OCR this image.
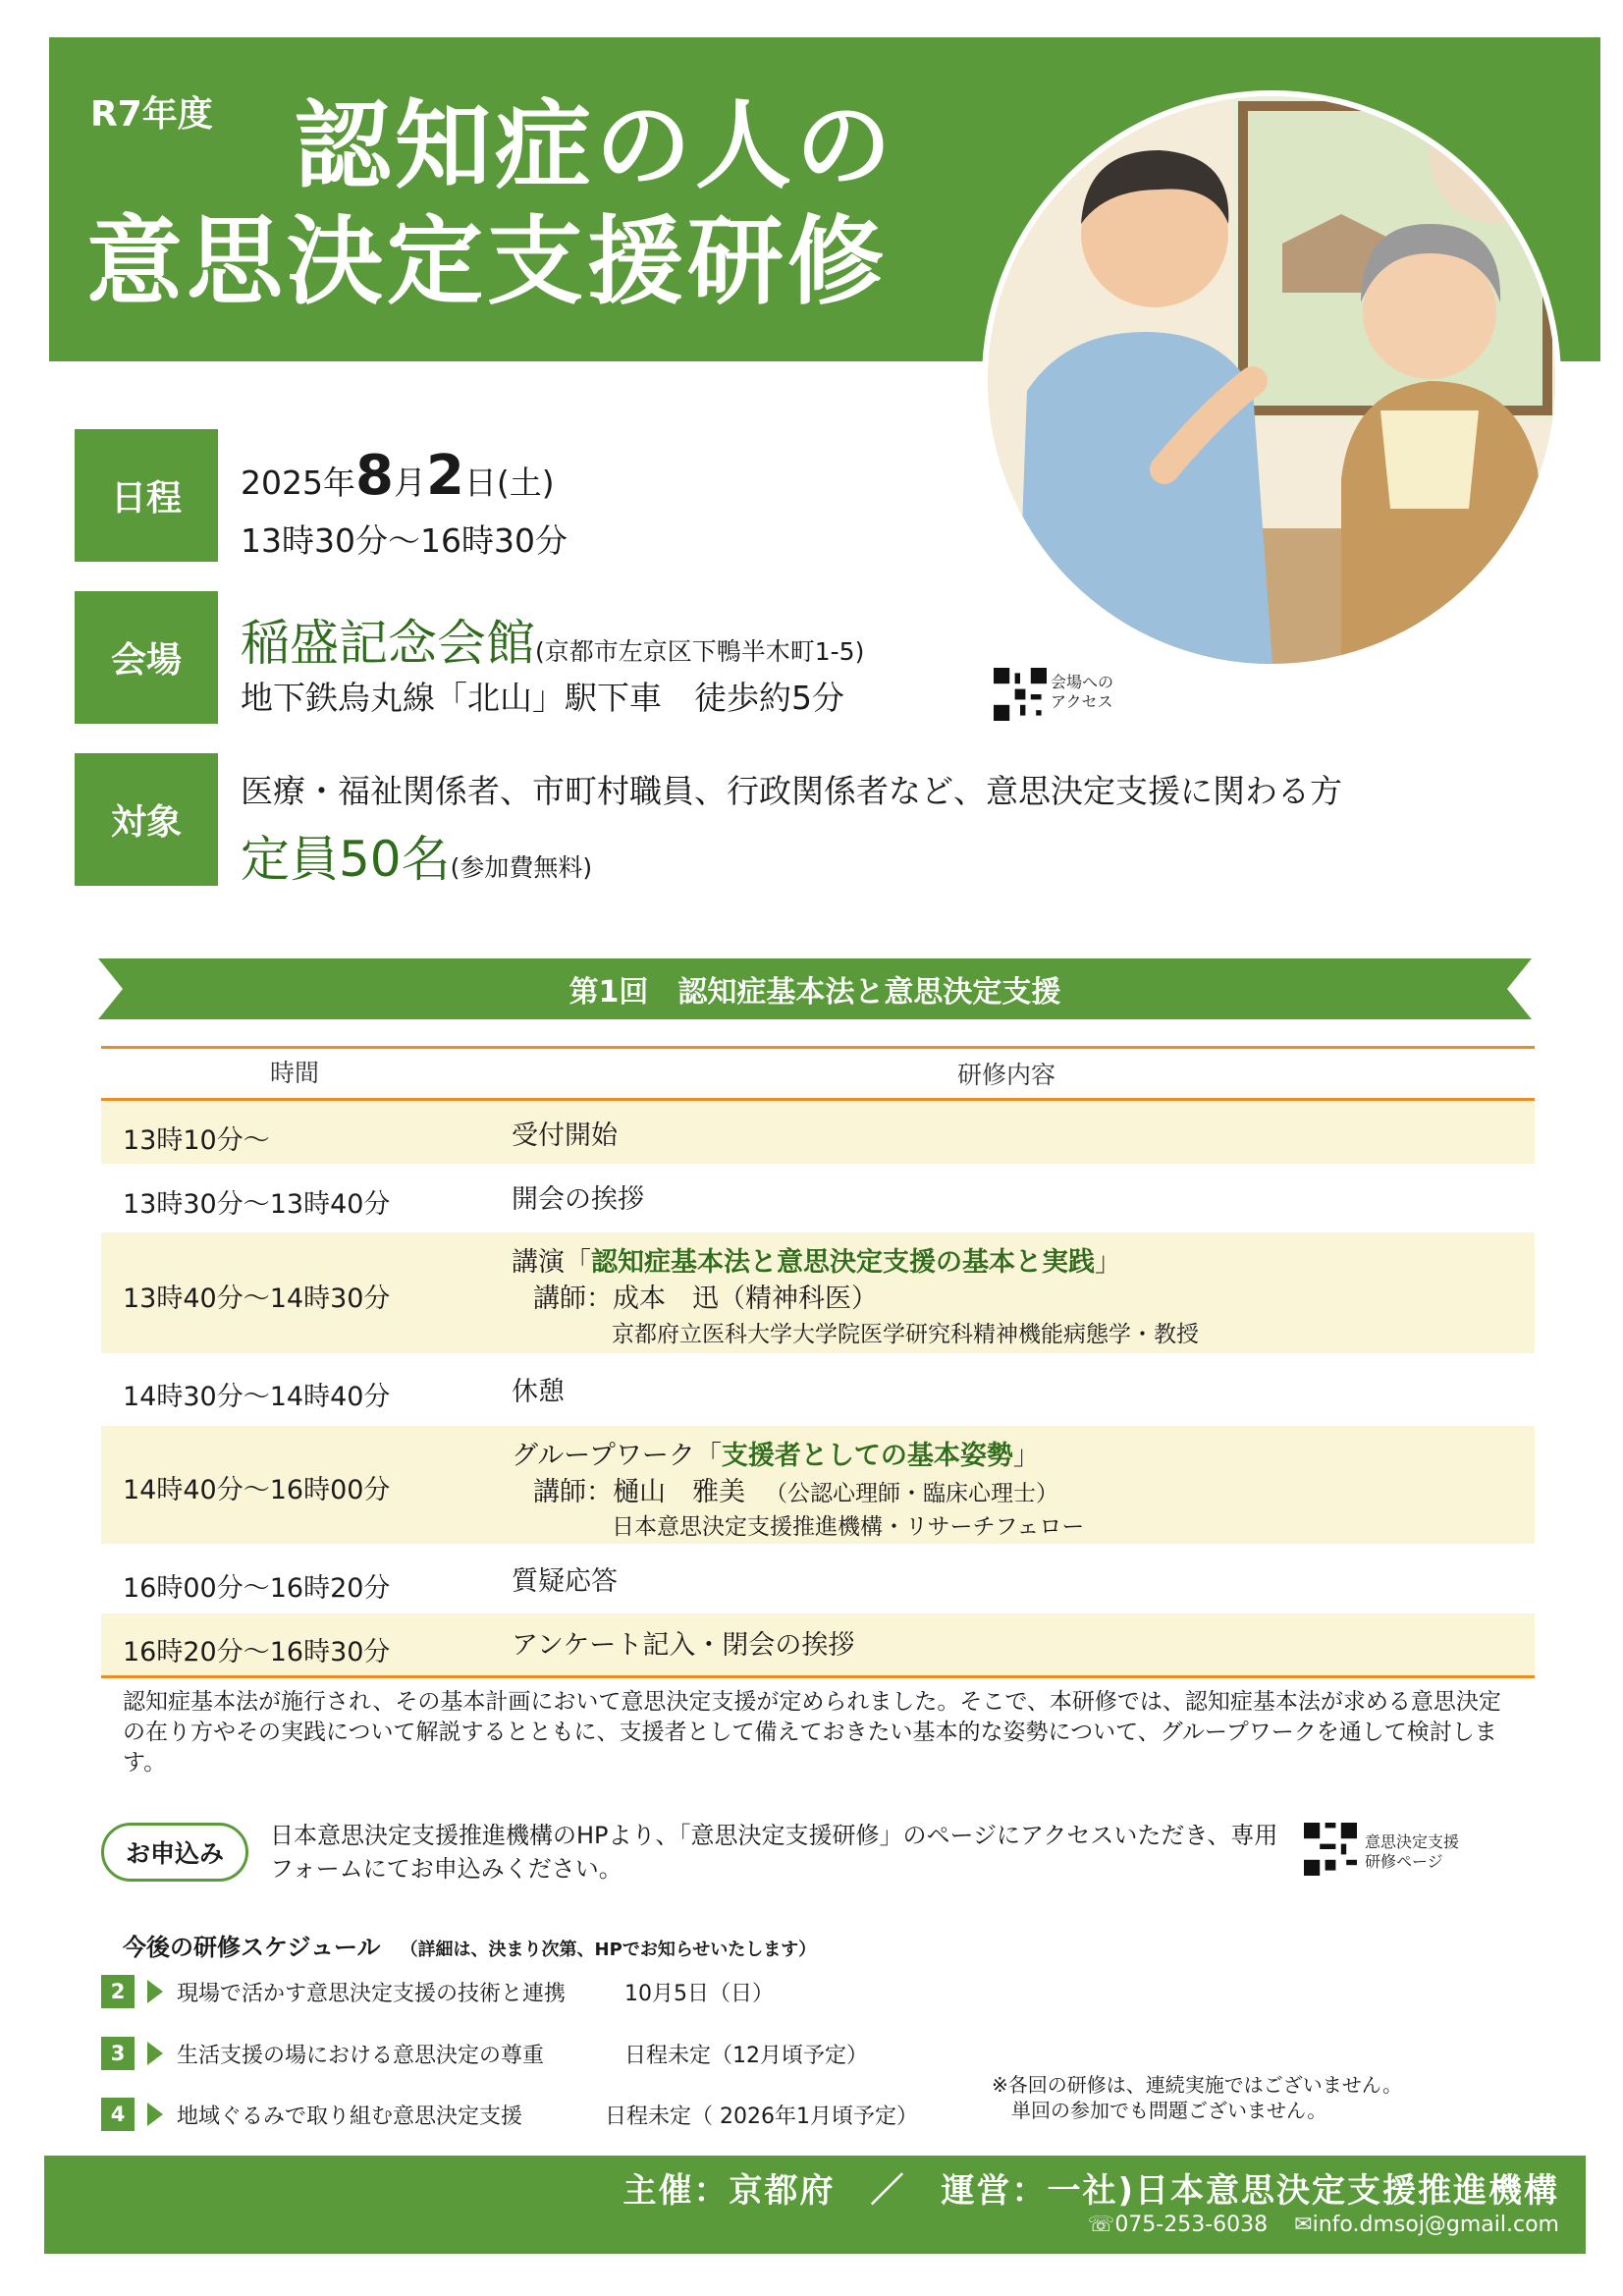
R7年度 認知症の人の
意思決定支援研修
日程	2025年8月2日(土)
13時30分～16時30分
会場	稲盛記念会館(京都市左京区下鴨半木町1-5)
地下鉄烏丸線「北山」駅下車　徒歩約5分	会場への
アクセス
対象
医療・福祉関係者、市町村職員、行政関係者など、意思決定支援に関わる方
定員50名(参加費無料)
第1回　認知症基本法と意思決定支援
時間	研修内容
13時10分～	受付開始
13時30分～13時40分	開会の挨拶
13時40分～14時30分
講演「認知症基本法と意思決定支援の基本と実践」
講師：成本　迅（精神科医）
京都府立医科大学大学院医学研究科精神機能病態学・教授
14時30分～14時40分	休憩
14時40分～16時00分
グループワーク「支援者としての基本姿勢」
講師：樋山　雅美 （公認心理師・臨床心理士）
日本意思決定支援推進機構・リサーチフェロー
16時00分～16時20分	質疑応答
16時20分～16時30分	アンケート記入・閉会の挨拶
認知症基本法が施行され、その基本計画において意思決定支援が定められました。そこで、本研修では、認知症基本法が求める意思決定の在り方やその実践について解説するとともに、支援者として備えておきたい基本的な姿勢について、グループワークを通して検討します。
お申込み
日本意思決定支援推進機構のHPより、「意思決定支援研修」のページにアクセスいただき、専用フォームにてお申込みください。
意思決定支援
研修ページ
今後の研修スケジュール （詳細は、決まり次第、HPでお知らせいたします）
2	現場で活かす意思決定支援の技術と連携	10月5日（日）
3	生活支援の場における意思決定の尊重	日程未定（12月頃予定）
4	地域ぐるみで取り組む意思決定支援	日程未定（ 2026年1月頃予定）
※各回の研修は、連続実施ではございません。
単回の参加でも問題ございません。
主催：京都府　／　運営：一社)日本意思決定支援推進機構
☏075-253-6038 ✉info.dmsoj@gmail.com
